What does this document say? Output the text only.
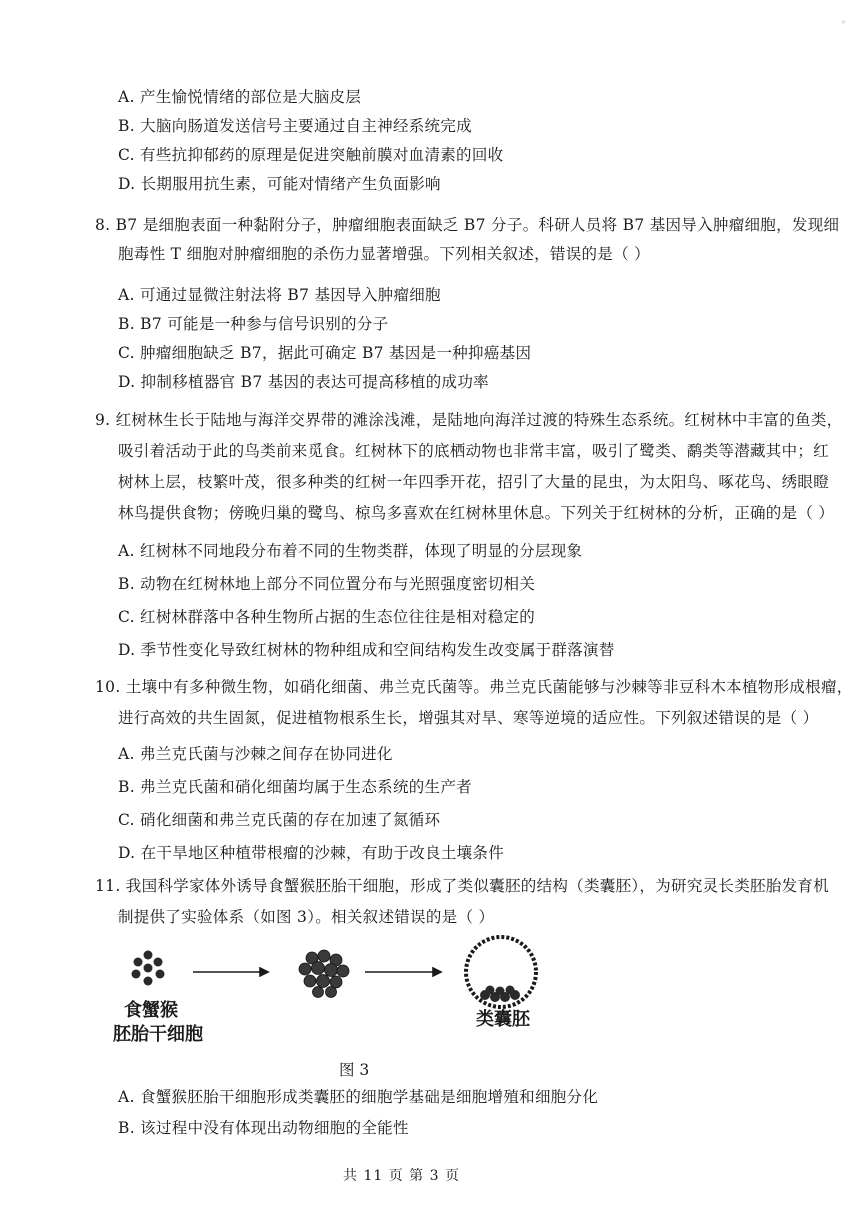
◦
A. 产生愉悦情绪的部位是大脑皮层
B. 大脑向肠道发送信号主要通过自主神经系统完成
C. 有些抗抑郁药的原理是促进突触前膜对血清素的回收
D. 长期服用抗生素，可能对情绪产生负面影响
8. B7 是细胞表面一种黏附分子，肿瘤细胞表面缺乏 B7 分子。科研人员将 B7 基因导入肿瘤细胞，发现细
胞毒性 T 细胞对肿瘤细胞的杀伤力显著增强。下列相关叙述，错误的是（ ）
A. 可通过显微注射法将 B7 基因导入肿瘤细胞
B. B7 可能是一种参与信号识别的分子
C. 肿瘤细胞缺乏 B7，据此可确定 B7 基因是一种抑癌基因
D. 抑制移植器官 B7 基因的表达可提高移植的成功率
9. 红树林生长于陆地与海洋交界带的滩涂浅滩，是陆地向海洋过渡的特殊生态系统。红树林中丰富的鱼类，
吸引着活动于此的鸟类前来觅食。红树林下的底栖动物也非常丰富，吸引了鹭类、鹬类等潜藏其中；红
树林上层，枝繁叶茂，很多种类的红树一年四季开花，招引了大量的昆虫，为太阳鸟、啄花鸟、绣眼瞪
林鸟提供食物；傍晚归巢的鹭鸟、椋鸟多喜欢在红树林里休息。下列关于红树林的分析，正确的是（ ）
A. 红树林不同地段分布着不同的生物类群，体现了明显的分层现象
B. 动物在红树林地上部分不同位置分布与光照强度密切相关
C. 红树林群落中各种生物所占据的生态位往往是相对稳定的
D. 季节性变化导致红树林的物种组成和空间结构发生改变属于群落演替
10. 土壤中有多种微生物，如硝化细菌、弗兰克氏菌等。弗兰克氏菌能够与沙棘等非豆科木本植物形成根瘤，
进行高效的共生固氮，促进植物根系生长，增强其对旱、寒等逆境的适应性。下列叙述错误的是（ ）
A. 弗兰克氏菌与沙棘之间存在协同进化
B. 弗兰克氏菌和硝化细菌均属于生态系统的生产者
C. 硝化细菌和弗兰克氏菌的存在加速了氮循环
D. 在干旱地区种植带根瘤的沙棘，有助于改良土壤条件
11. 我国科学家体外诱导食蟹猴胚胎干细胞，形成了类似囊胚的结构（类囊胚），为研究灵长类胚胎发育机
制提供了实验体系（如图 3）。相关叙述错误的是（ ）
食蟹猴
胚胎干细胞
类囊胚
图 3
A. 食蟹猴胚胎干细胞形成类囊胚的细胞学基础是细胞增殖和细胞分化
B. 该过程中没有体现出动物细胞的全能性
共 11 页 第 3 页
